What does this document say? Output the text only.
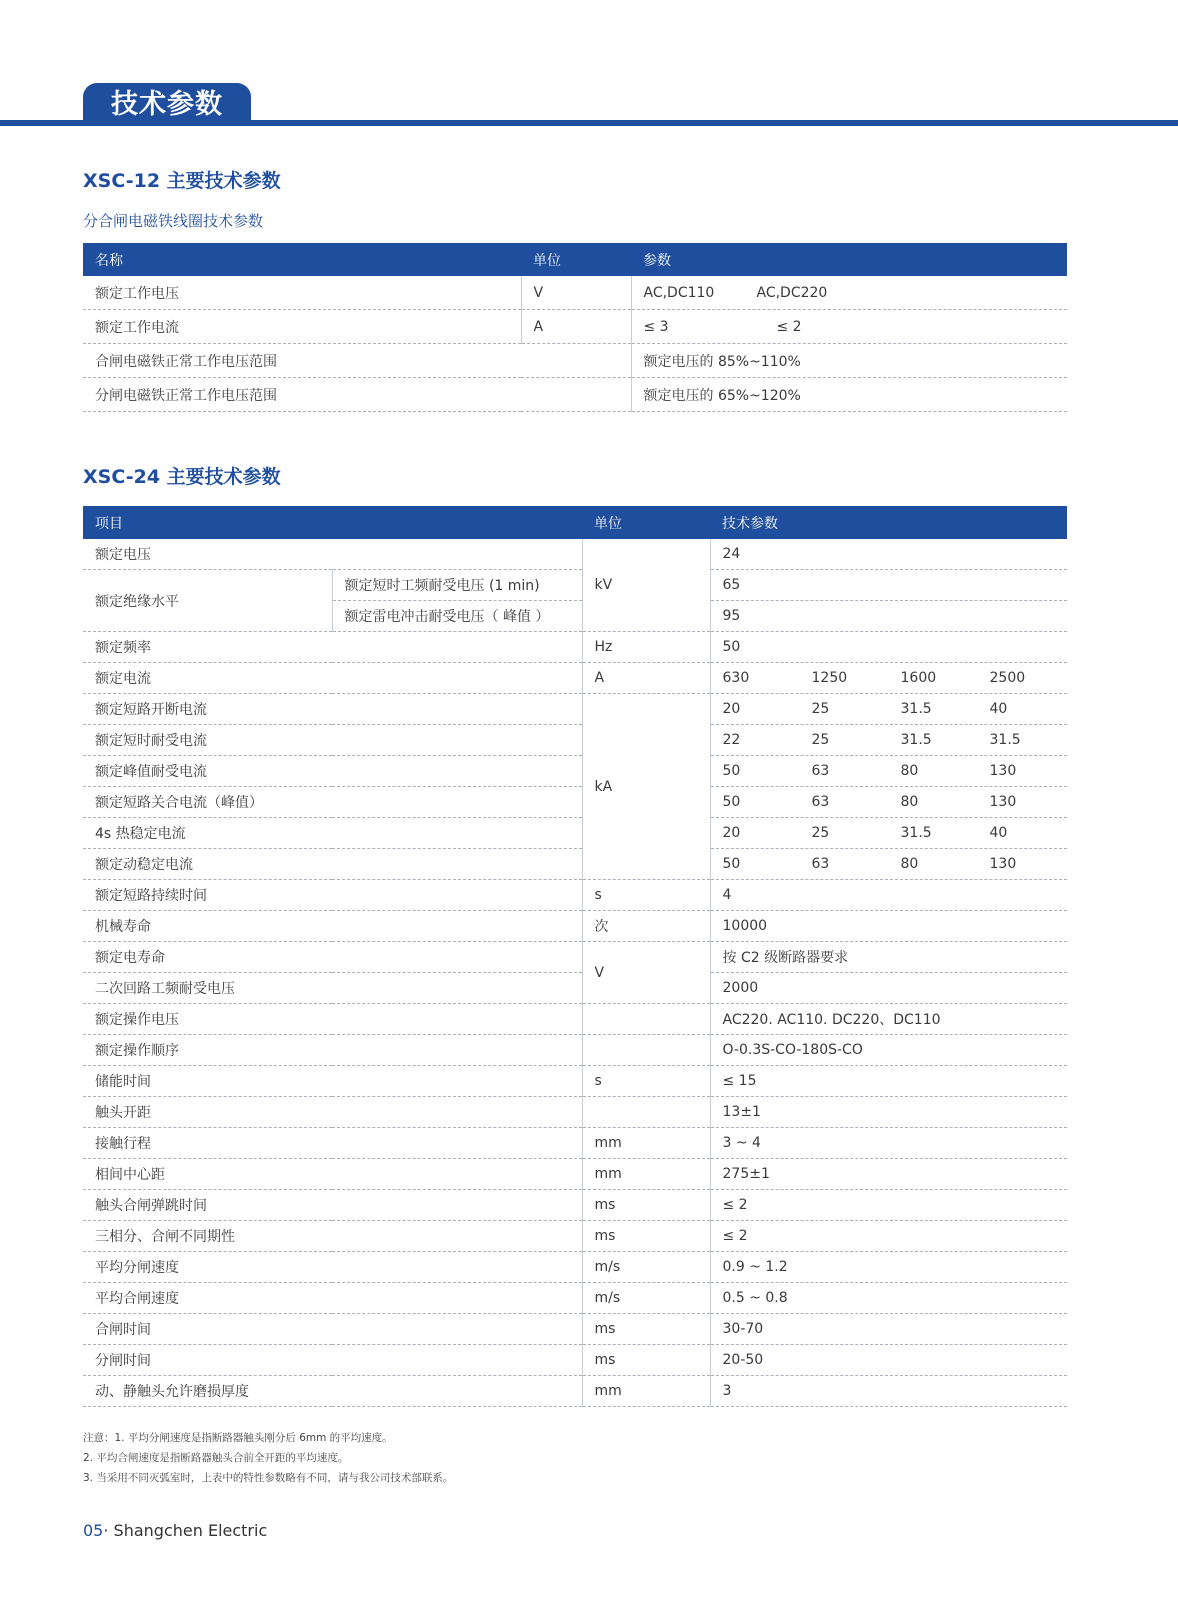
技术参数
XSC-12 主要技术参数
分合闸电磁铁线圈技术参数
名称	单位	参数
额定工作电压	V	AC,DC110 AC,DC220
额定工作电流	A	≤ 3 ≤ 2
合闸电磁铁正常工作电压范围		额定电压的 85%~110%
分闸电磁铁正常工作电压范围		额定电压的 65%~120%
XSC-24 主要技术参数
项目		单位	技术参数
额定电压		kV	24
额定绝缘水平	额定短时工频耐受电压 (1 min)		65
	额定雷电冲击耐受电压（ 峰值 ）		95
额定频率		Hz	50
额定电流		A	630 1250 1600 2500
额定短路开断电流		kA	20 25 31.5 40
额定短时耐受电流			22 25 31.5 31.5
额定峰值耐受电流			50 63 80 130
额定短路关合电流（峰值）			50 63 80 130
4s 热稳定电流			20 25 31.5 40
额定动稳定电流			50 63 80 130
额定短路持续时间		s	4
机械寿命		次	10000
额定电寿命		V	按 C2 级断路器要求
二次回路工频耐受电压			2000
额定操作电压			AC220. AC110. DC220、DC110
额定操作顺序			O-0.3S-CO-180S-CO
储能时间		s	≤ 15
触头开距			13±1
接触行程		mm	3 ~ 4
相间中心距		mm	275±1
触头合闸弹跳时间		ms	≤ 2
三相分、合闸不同期性		ms	≤ 2
平均分闸速度		m/s	0.9 ~ 1.2
平均合闸速度		m/s	0.5 ~ 0.8
合闸时间		ms	30-70
分闸时间		ms	20-50
动、静触头允许磨损厚度		mm	3
注意：1. 平均分闸速度是指断路器触头刚分后 6mm 的平均速度。
2. 平均合闸速度是指断路器触头合前全开距的平均速度。
3. 当采用不同灭弧室时，上表中的特性参数略有不同，请与我公司技术部联系。
05· Shangchen Electric
